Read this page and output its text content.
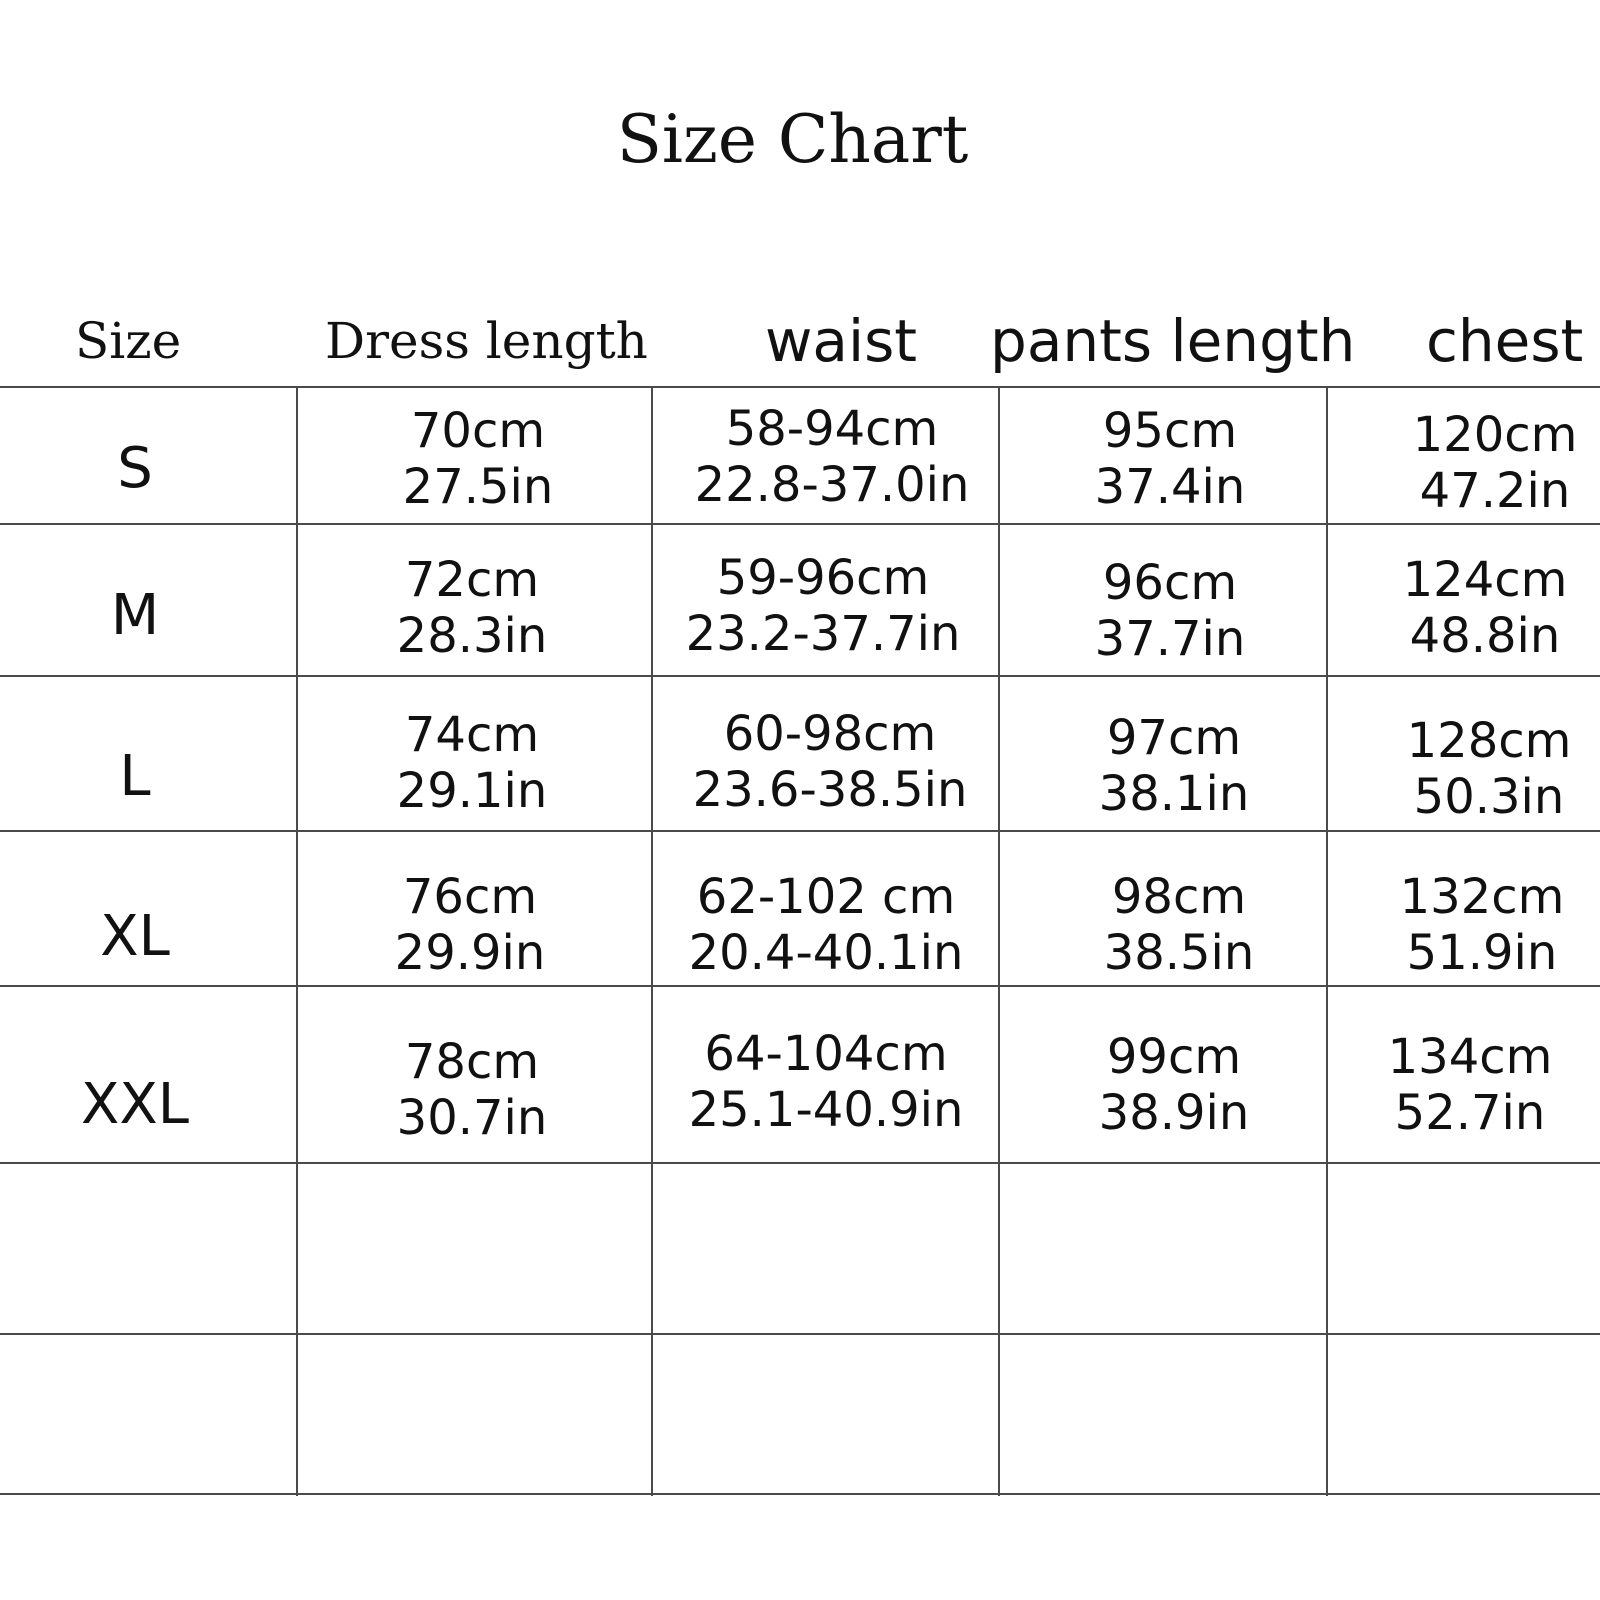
Size Chart
Size	Dress length waist pants length chest
S
70cm
27.5in
58-94cm
22.8-37.0in
95cm
37.4in
120cm
47.2in
M
72cm
28.3in
59-96cm
23.2-37.7in
96cm
37.7in
124cm
48.8in
L
74cm
29.1in
60-98cm
23.6-38.5in
97cm
38.1in
128cm
50.3in
XL
76cm
29.9in
62-102 cm
20.4-40.1in
98cm
38.5in
132cm
51.9in
XXL
78cm
30.7in
64-104cm
25.1-40.9in
99cm
38.9in
134cm
52.7in
